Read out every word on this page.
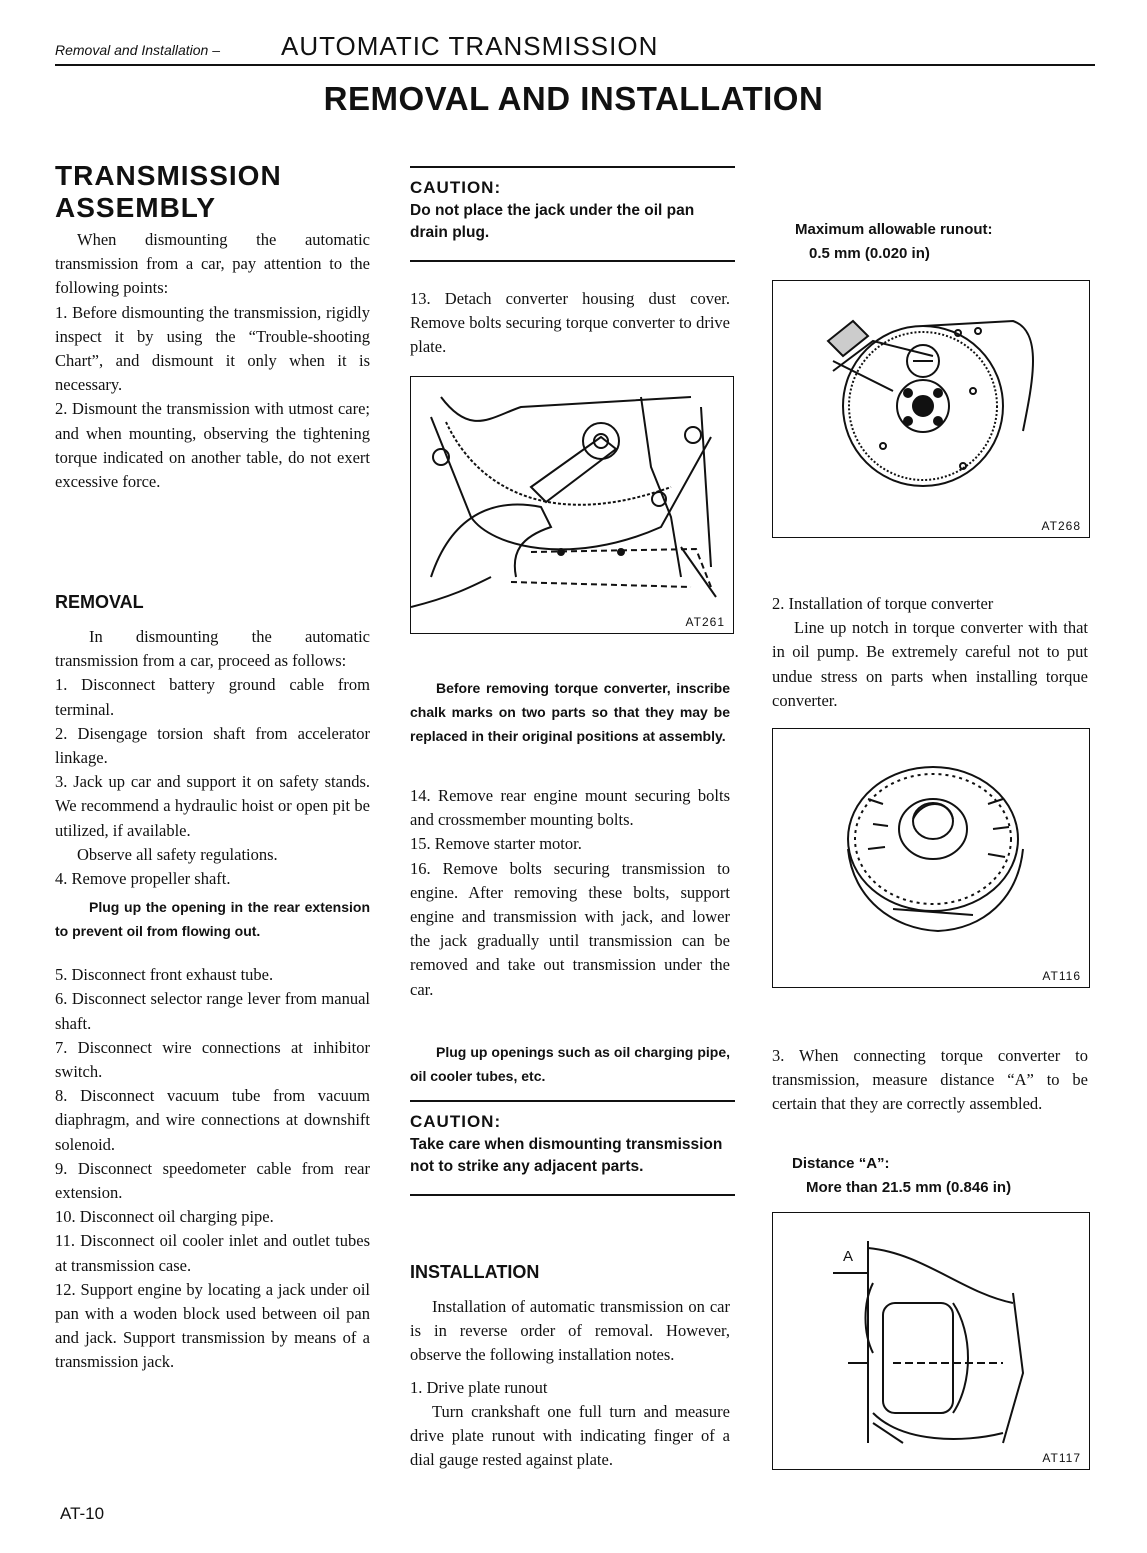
Removal and Installation – AUTOMATIC TRANSMISSION
REMOVAL AND INSTALLATION
TRANSMISSION
ASSEMBLY

When dismounting the automatic transmission from a car, pay attention to the following points:

1. Before dismounting the transmission, rigidly inspect it by using the “Trouble-shooting Chart”, and dismount it only when it is necessary.

2. Dismount the transmission with utmost care; and when mounting, observing the tightening torque indicated on another table, do not exert excessive force.

REMOVAL

In dismounting the automatic transmission from a car, proceed as follows:

1. Disconnect battery ground cable from terminal.

2. Disengage torsion shaft from accelerator linkage.

3. Jack up car and support it on safety stands. We recommend a hydraulic hoist or open pit be utilized, if available.

Observe all safety regulations.

4. Remove propeller shaft.

Plug up the opening in the rear extension to prevent oil from flowing out.

5. Disconnect front exhaust tube.

6. Disconnect selector range lever from manual shaft.

7. Disconnect wire connections at inhibitor switch.

8. Disconnect vacuum tube from vacuum diaphragm, and wire connections at downshift solenoid.

9. Disconnect speedometer cable from rear extension.

10. Disconnect oil charging pipe.

11. Disconnect oil cooler inlet and outlet tubes at transmission case.

12. Support engine by locating a jack under oil pan with a woden block used between oil pan and jack. Support transmission by means of a transmission jack.

CAUTION:
Do not place the jack under the oil pan drain plug.
13. Detach converter housing dust cover. Remove bolts securing torque converter to drive plate.
AT261
Before removing torque converter, inscribe chalk marks on two parts so that they may be replaced in their original positions at assembly.

14. Remove rear engine mount securing bolts and crossmember mounting bolts.

15. Remove starter motor.

16. Remove bolts securing transmission to engine. After removing these bolts, support engine and transmission with jack, and lower the jack gradually until transmission can be removed and take out transmission under the car.

Plug up openings such as oil charging pipe, oil cooler tubes, etc.
CAUTION:
Take care when dismounting transmission not to strike any adjacent parts.
INSTALLATION

Installation of automatic transmission on car is in reverse order of removal. However, observe the following installation notes.

1. Drive plate runout

Turn crankshaft one full turn and measure drive plate runout with indicating finger of a dial gauge rested against plate.

Maximum allowable runout:
0.5 mm (0.020 in)
AT268

2. Installation of torque converter

Line up notch in torque converter with that in oil pump. Be extremely careful not to put undue stress on parts when installing torque converter.

AT116
3. When connecting torque converter to transmission, measure distance “A” to be certain that they are correctly assembled.
Distance “A”:
More than 21.5 mm (0.846 in)
A
AT117
AT-10
